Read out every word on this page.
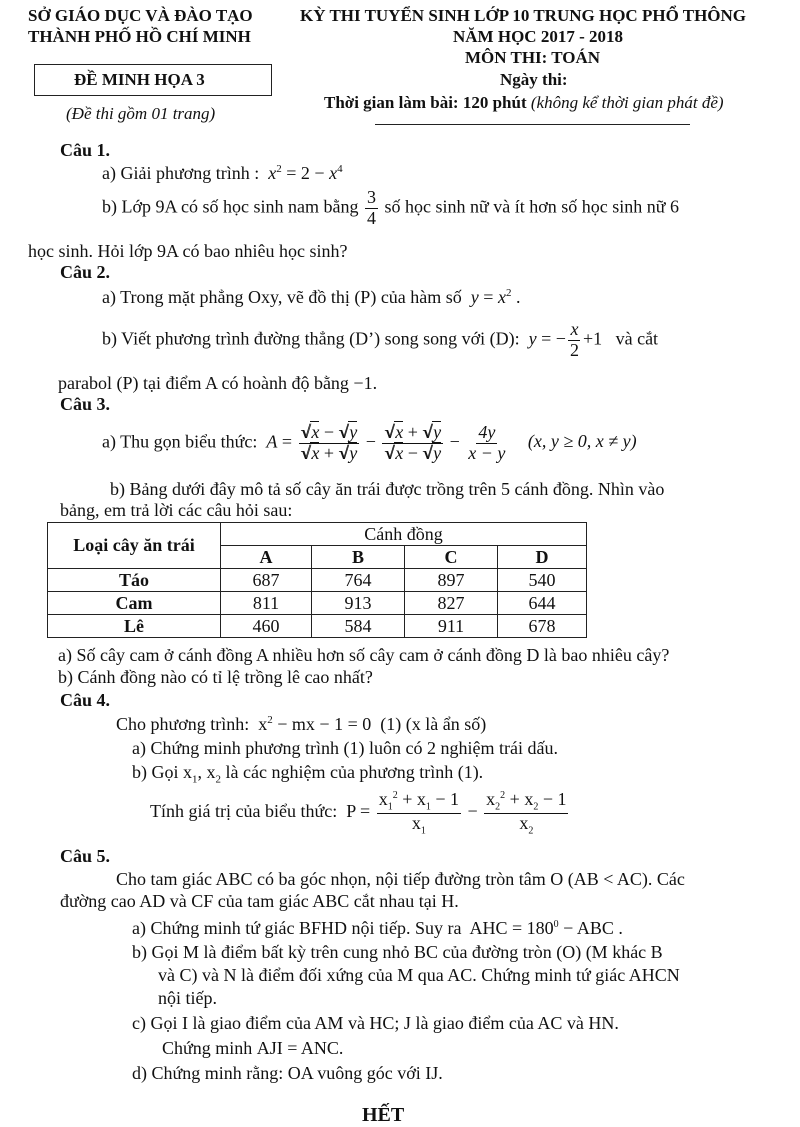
SỞ GIÁO DỤC VÀ ĐÀO TẠO
THÀNH PHỐ HỒ CHÍ MINH
KỲ THI TUYỂN SINH LỚP 10 TRUNG HỌC PHỔ THÔNG
NĂM HỌC 2017 - 2018
MÔN THI: TOÁN
Ngày thi:
Thời gian làm bài: 120 phút (không kể thời gian phát đề)
ĐỀ MINH HỌA 3
(Đề thi gồm 01 trang)
Câu 1.
a) Giải phương trình :  $x^2 = 2 - x^4$
b) Lớp 9A có số học sinh nam bằng $\frac{3}{4}$ số học sinh nữ và ít hơn số học sinh nữ 6
học sinh. Hỏi lớp 9A có bao nhiêu học sinh?
Câu 2.
a) Trong mặt phẳng Oxy, vẽ đồ thị (P) của hàm số  $y = x^2$ .
b) Viết phương trình đường thẳng (D’) song song với (D):  y = − $\frac{x}{2} +1$   và cắt
parabol (P) tại điểm A có hoành độ bằng −1.
Câu 3.
a) Thu gọn biểu thức:  $A = \frac{√√ x - √√ y}{√√ x + √√ y} - \frac{√√ x + √√ y}{√√ x - √√ y} - \frac{4y}{x - y} (x$, y ≥ 0, x ≠ y)
b) Bảng dưới đây mô tả số cây ăn trái được trồng trên 5 cánh đồng. Nhìn vào
bảng, em trả lời các câu hỏi sau:
Loại cây ăn trái	Cánh đồng			
	A	B	C	D
Táo	687	764	897	540
Cam	811	913	827	644
Lê	460	584	911	678
a) Số cây cam ở cánh đồng A nhiều hơn số cây cam ở cánh đồng D là bao nhiêu cây?
b) Cánh đồng nào có tỉ lệ trồng lê cao nhất?
Câu 4.
Cho phương trình:  $x^2$ − mx − 1 = 0  (1) (x là ẩn số)
a) Chứng minh phương trình (1) luôn có 2 nghiệm trái dấu.
b) Gọi $x_1$, $x_2$ là các nghiệm của phương trình (1).
Tính giá trị của biểu thức:  $P = \frac{x_1^2 + x_1 - 1}{x_1} - \frac{x_2^2 + x_2 - 1}{x_2}$
Câu 5.
Cho tam giác ABC có ba góc nhọn, nội tiếp đường tròn tâm O (AB < AC). Các
đường cao AD và CF của tam giác ABC cắt nhau tại H.
a) Chứng minh tứ giác BFHD nội tiếp. Suy ra  AHC = $180^0$ − ABC .
b) Gọi M là điểm bất kỳ trên cung nhỏ BC của đường tròn (O) (M khác B
và C) và N là điểm đối xứng của M qua AC. Chứng minh tứ giác AHCN
nội tiếp.
c) Gọi I là giao điểm của AM và HC; J là giao điểm của AC và HN.
Chứng minh AJI = ANC.
d) Chứng minh rằng: OA vuông góc với IJ.
HẾT
